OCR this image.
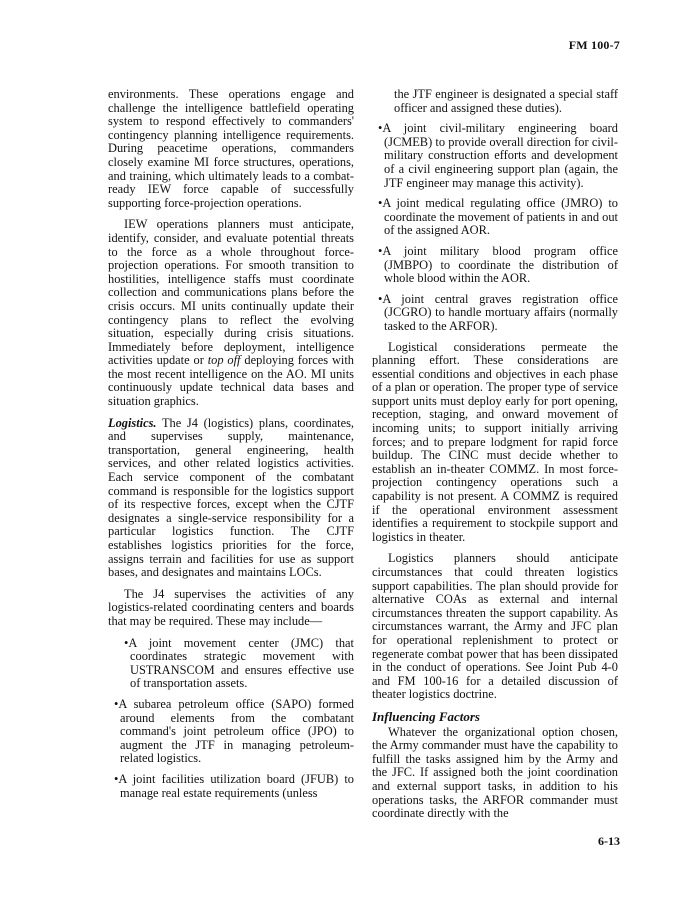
FM 100-7

environments. These operations engage and challenge the intelligence battlefield operating system to respond effectively to commanders' contingency planning intelligence requirements. During peacetime operations, commanders closely examine MI force structures, operations, and training, which ultimately leads to a combat-ready IEW force capable of successfully supporting force-projection operations.

IEW operations planners must anticipate, identify, consider, and evaluate potential threats to the force as a whole throughout force-projection operations. For smooth transition to hostilities, intelligence staffs must coordinate collection and communications plans before the crisis occurs. MI units continually update their contingency plans to reflect the evolving situation, especially during crisis situations. Immediately before deployment, intelligence activities update or top off deploying forces with the most recent intelligence on the AO. MI units continuously update technical data bases and situation graphics.

Logistics. The J4 (logistics) plans, coordinates, and supervises supply, maintenance, transportation, general engineering, health services, and other related logistics activities. Each service component of the combatant command is responsible for the logistics support of its respective forces, except when the CJTF designates a single-service responsibility for a particular logistics function. The CJTF establishes logistics priorities for the force, assigns terrain and facilities for use as support bases, and designates and maintains LOCs.

The J4 supervises the activities of any logistics-related coordinating centers and boards that may be required. These may include—

•A joint movement center (JMC) that coordinates strategic movement with USTRANSCOM and ensures effective use of transportation assets.

•A subarea petroleum office (SAPO) formed around elements from the combatant command's joint petroleum office (JPO) to augment the JTF in managing petroleum-related logistics.

•A joint facilities utilization board (JFUB) to manage real estate requirements (unless

the JTF engineer is designated a special staff officer and assigned these duties).

•A joint civil-military engineering board (JCMEB) to provide overall direction for civil-military construction efforts and development of a civil engineering support plan (again, the JTF engineer may manage this activity).

•A joint medical regulating office (JMRO) to coordinate the movement of patients in and out of the assigned AOR.

•A joint military blood program office (JMBPO) to coordinate the distribution of whole blood within the AOR.

•A joint central graves registration office (JCGRO) to handle mortuary affairs (normally tasked to the ARFOR).

Logistical considerations permeate the planning effort. These considerations are essential conditions and objectives in each phase of a plan or operation. The proper type of service support units must deploy early for port opening, reception, staging, and onward movement of incoming units; to support initially arriving forces; and to prepare lodgment for rapid force buildup. The CINC must decide whether to establish an in-theater COMMZ. In most force-projection contingency operations such a capability is not present. A COMMZ is required if the operational environment assessment identifies a requirement to stockpile support and logistics in theater.

Logistics planners should anticipate circumstances that could threaten logistics support capabilities. The plan should provide for alternative COAs as external and internal circumstances threaten the support capability. As circumstances warrant, the Army and JFC plan for operational replenishment to protect or regenerate combat power that has been dissipated in the conduct of operations. See Joint Pub 4-0 and FM 100-16 for a detailed discussion of theater logistics doctrine.

Influencing Factors

Whatever the organizational option chosen, the Army commander must have the capability to fulfill the tasks assigned him by the Army and the JFC. If assigned both the joint coordination and external support tasks, in addition to his operations tasks, the ARFOR commander must coordinate directly with the

6-13
